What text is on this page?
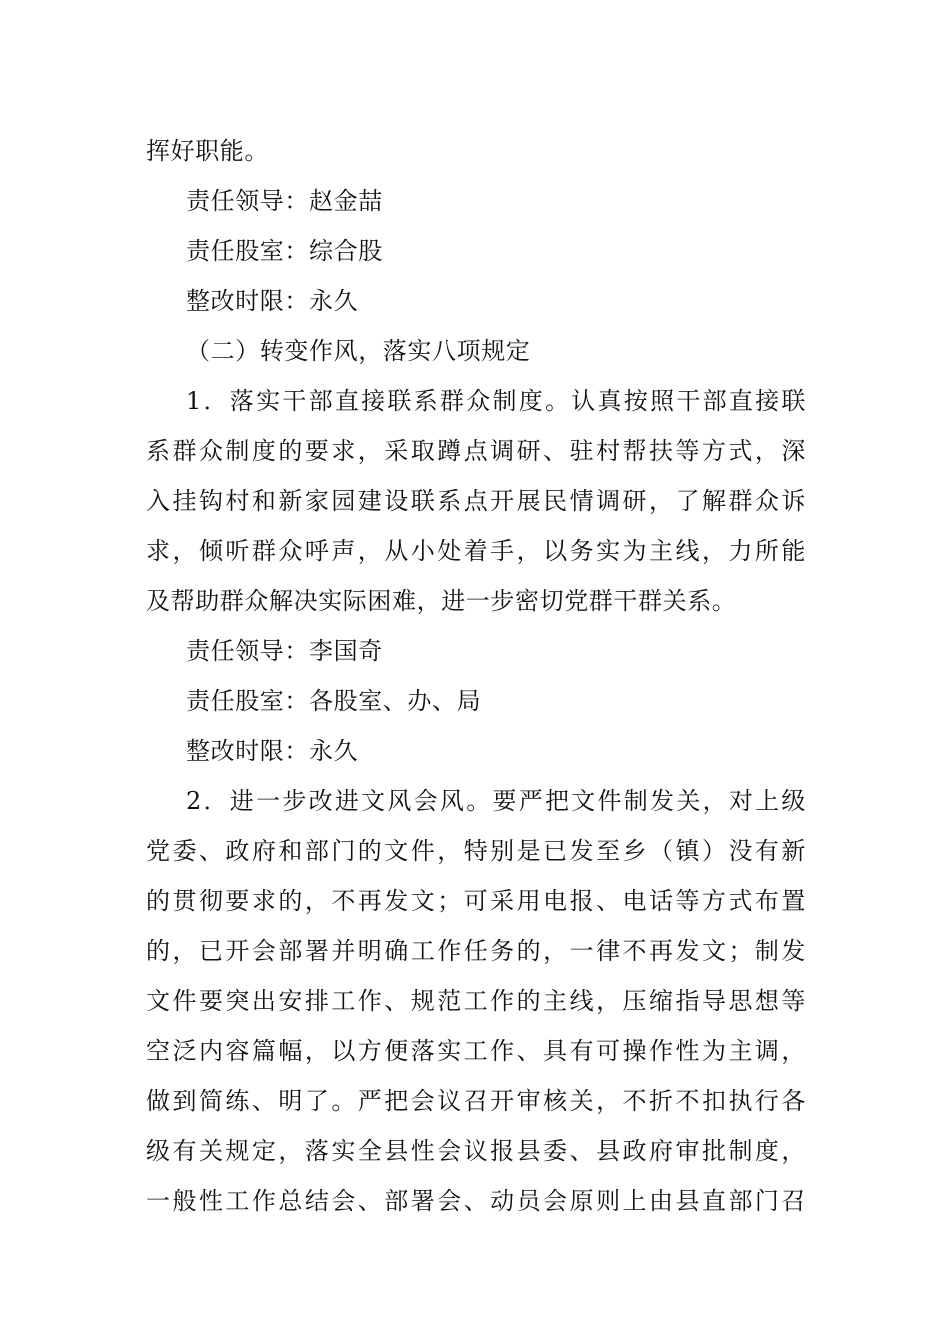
挥好职能。
责任领导：赵金喆
责任股室：综合股
整改时限：永久
（二）转变作风，落实八项规定
1．落实干部直接联系群众制度。认真按照干部直接联
系群众制度的要求，采取蹲点调研、驻村帮扶等方式，深
入挂钩村和新家园建设联系点开展民情调研，了解群众诉
求，倾听群众呼声，从小处着手，以务实为主线，力所能
及帮助群众解决实际困难，进一步密切党群干群关系。
责任领导：李国奇
责任股室：各股室、办、局
整改时限：永久
2．进一步改进文风会风。要严把文件制发关，对上级
党委、政府和部门的文件，特别是已发至乡（镇）没有新
的贯彻要求的，不再发文；可采用电报、电话等方式布置
的，已开会部署并明确工作任务的，一律不再发文；制发
文件要突出安排工作、规范工作的主线，压缩指导思想等
空泛内容篇幅，以方便落实工作、具有可操作性为主调，
做到简练、明了。严把会议召开审核关，不折不扣执行各
级有关规定，落实全县性会议报县委、县政府审批制度，
一般性工作总结会、部署会、动员会原则上由县直部门召
